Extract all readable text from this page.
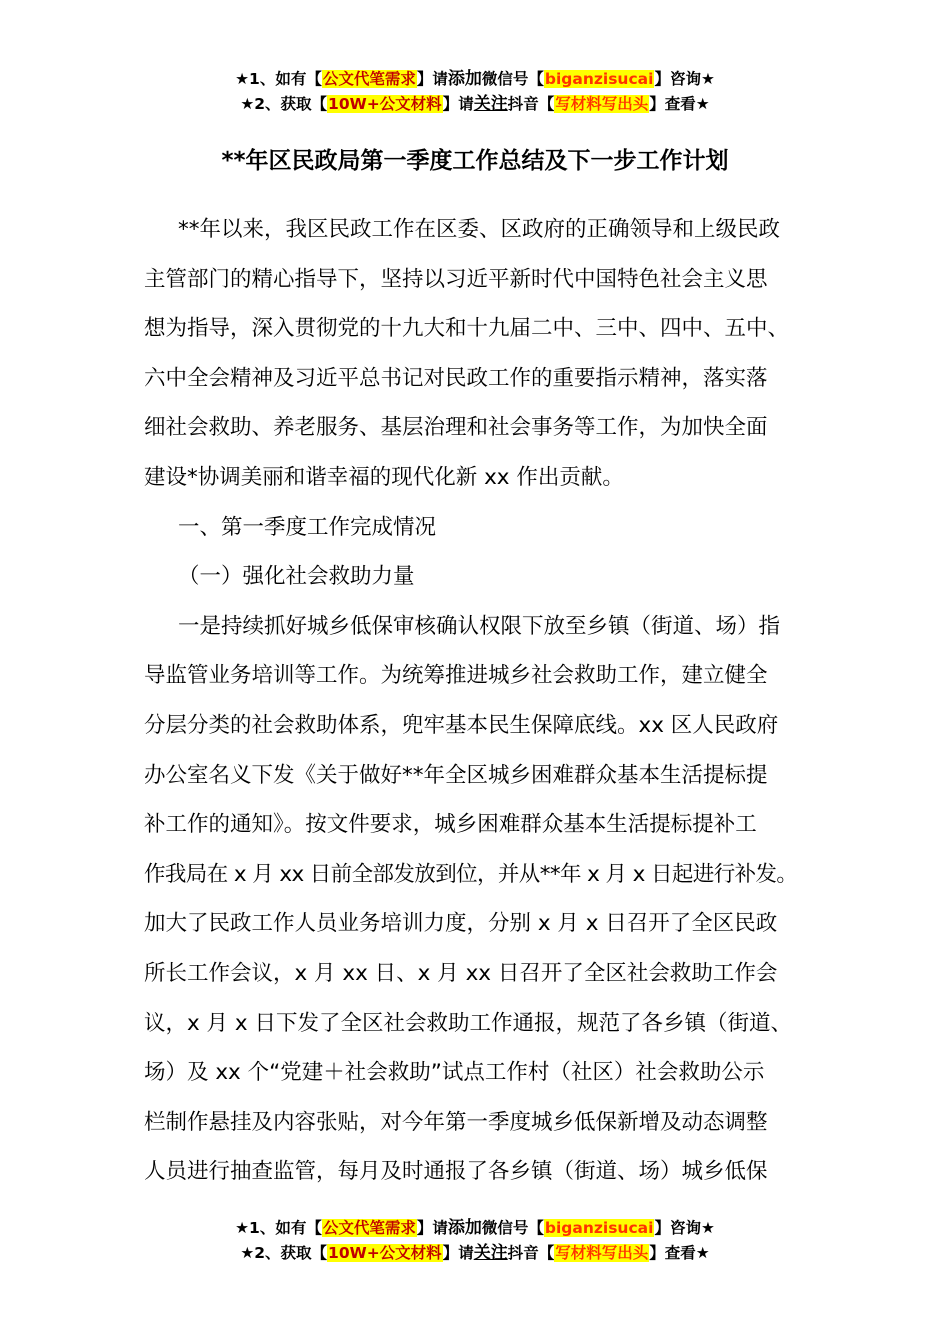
★1、如有【公文代笔需求】请添加微信号【biganzisucai】咨询★
★2、获取【10W+公文材料】请关注抖音【写材料写出头】查看★
**年区民政局第一季度工作总结及下一步工作计划
**年以来，我区民政工作在区委、区政府的正确领导和上级民政
主管部门的精心指导下，坚持以习近平新时代中国特色社会主义思
想为指导，深入贯彻党的十九大和十九届二中、三中、四中、五中、
六中全会精神及习近平总书记对民政工作的重要指示精神，落实落
细社会救助、养老服务、基层治理和社会事务等工作，为加快全面
建设*协调美丽和谐幸福的现代化新 xx 作出贡献。
一、第一季度工作完成情况
（一）强化社会救助力量
一是持续抓好城乡低保审核确认权限下放至乡镇（街道、场）指
导监管业务培训等工作。为统筹推进城乡社会救助工作，建立健全
分层分类的社会救助体系，兜牢基本民生保障底线。xx 区人民政府
办公室名义下发《关于做好**年全区城乡困难群众基本生活提标提
补工作的通知》。按文件要求，城乡困难群众基本生活提标提补工
作我局在 x 月 xx 日前全部发放到位，并从**年 x 月 x 日起进行补发。
加大了民政工作人员业务培训力度，分别 x 月 x 日召开了全区民政
所长工作会议，x 月 xx 日、x 月 xx 日召开了全区社会救助工作会
议，x 月 x 日下发了全区社会救助工作通报，规范了各乡镇（街道、
场）及 xx 个“党建＋社会救助”试点工作村（社区）社会救助公示
栏制作悬挂及内容张贴，对今年第一季度城乡低保新增及动态调整
人员进行抽查监管，每月及时通报了各乡镇（街道、场）城乡低保
★1、如有【公文代笔需求】请添加微信号【biganzisucai】咨询★
★2、获取【10W+公文材料】请关注抖音【写材料写出头】查看★
